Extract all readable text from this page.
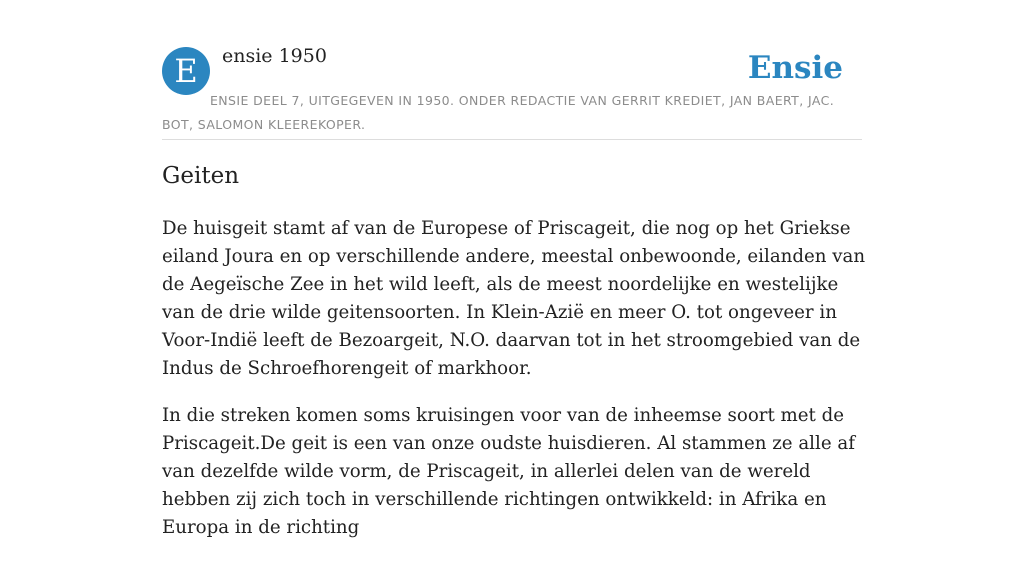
E	ensie 1950	Ensie
ENSIE DEEL 7, UITGEGEVEN IN 1950. ONDER REDACTIE VAN GERRIT KREDIET, JAN BAERT, JAC. BOT, SALOMON KLEEREKOPER.
Geiten

De huisgeit stamt af van de Europese of Priscageit, die nog op het Griekse eiland Joura en op verschillende andere, meestal onbewoonde, eilanden van de Aegeïsche Zee in het wild leeft, als de meest noordelijke en westelijke van de drie wilde geitensoorten. In Klein-Azië en meer O. tot ongeveer in Voor-Indië leeft de Bezoargeit, N.O. daarvan tot in het stroomgebied van de Indus de Schroefhorengeit of markhoor.

In die streken komen soms kruisingen voor van de inheemse soort met de Priscageit.De geit is een van onze oudste huisdieren. Al stammen ze alle af van dezelfde wilde vorm, de Priscageit, in allerlei delen van de wereld hebben zij zich toch in verschillende richtingen ontwikkeld: in Afrika en Europa in de richting
